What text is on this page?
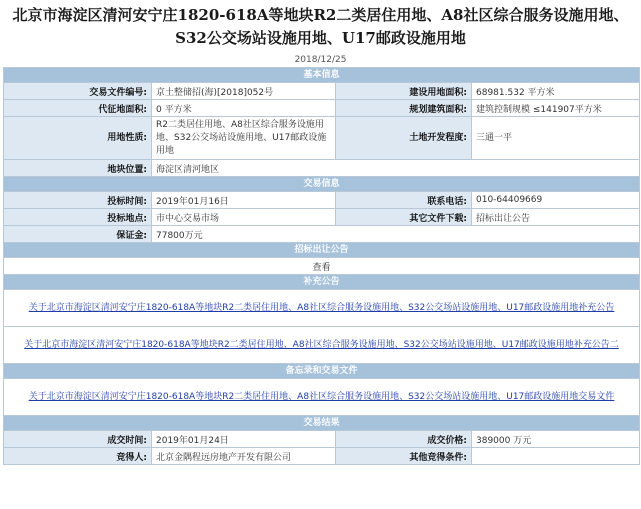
北京市海淀区清河安宁庄1820-618A等地块R2二类居住用地、A8社区综合服务设施用地、S32公交场站设施用地、U17邮政设施用地
2018/12/25
基本信息			
交易文件编号:	京土整储招(海)[2018]052号	建设用地面积:	68981.532 平方米
代征地面积:	0 平方米	规划建筑面积:	建筑控制规模 ≤141907平方米
用地性质:	R2二类居住用地、A8社区综合服务设施用地、S32公交场站设施用地、U17邮政设施用地	土地开发程度:	三通一平
地块位置:	海淀区清河地区		
交易信息			
投标时间:	2019年01月16日	联系电话:	010-64409669
投标地点:	市中心交易市场	其它文件下载:	招标出让公告
保证金:	77800万元		
招标出让公告			
查看			
补充公告			
关于北京市海淀区清河安宁庄1820-618A等地块R2二类居住用地、A8社区综合服务设施用地、S32公交场站设施用地、U17邮政设施用地补充公告			
关于北京市海淀区清河安宁庄1820-618A等地块R2二类居住用地、A8社区综合服务设施用地、S32公交场站设施用地、U17邮政设施用地补充公告二			
备忘录和交易文件			
关于北京市海淀区清河安宁庄1820-618A等地块R2二类居住用地、A8社区综合服务设施用地、S32公交场站设施用地、U17邮政设施用地交易文件			
交易结果			
成交时间:	2019年01月24日	成交价格:	389000 万元
竞得人:	北京金隅程远房地产开发有限公司	其他竞得条件:	
